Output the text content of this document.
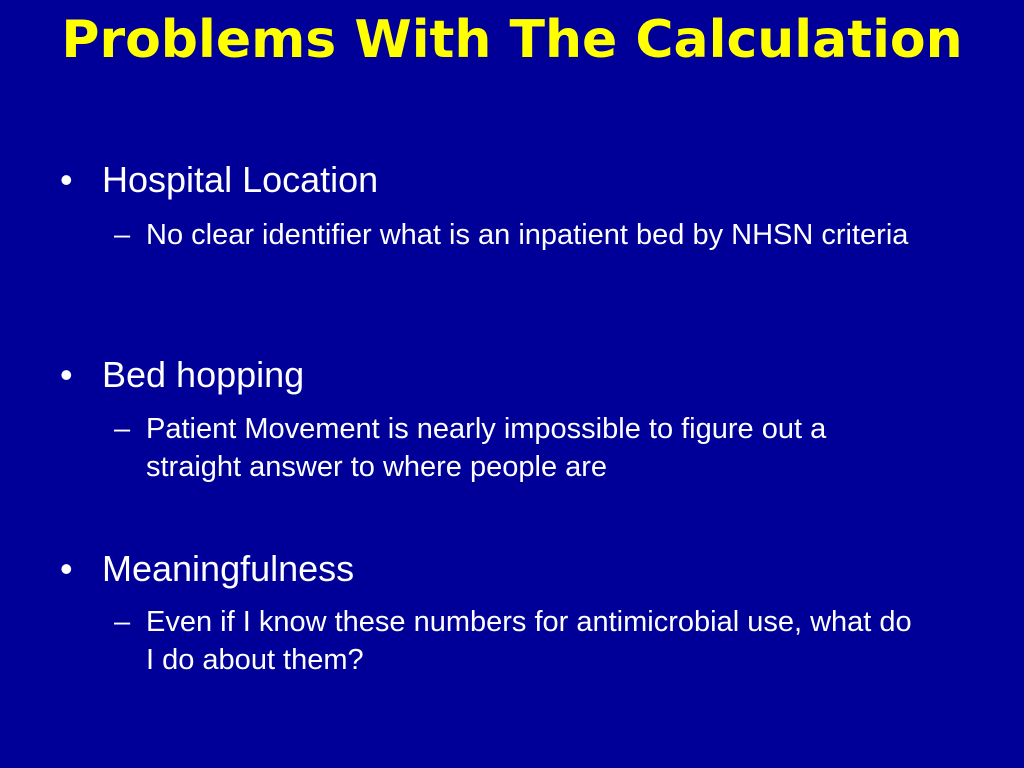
Problems With The Calculation
• Hospital Location
– No clear identifier what is an inpatient bed by NHSN criteria
• Bed hopping
– Patient Movement is nearly impossible to figure out a straight answer to where people are
• Meaningfulness
– Even if I know these numbers for antimicrobial use, what do I do about them?
